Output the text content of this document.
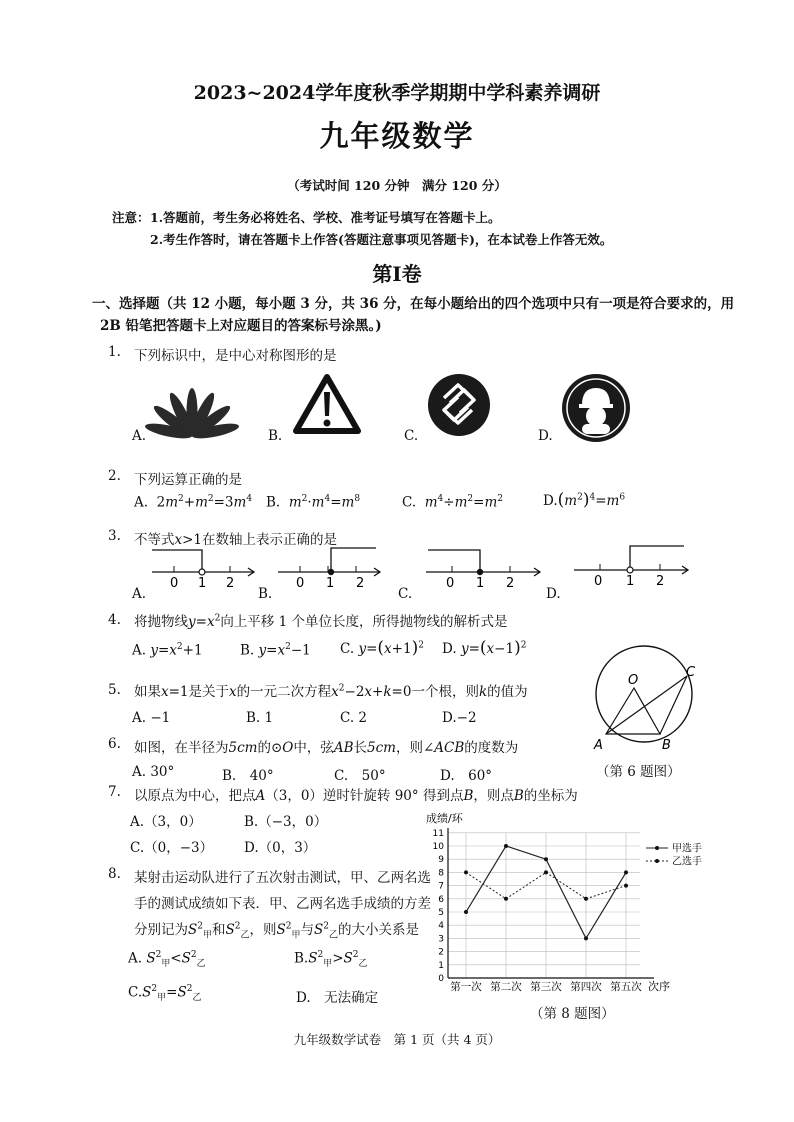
2023~2024学年度秋季学期期中学科素养调研
九年级数学
（考试时间 120 分钟　满分 120 分）
注意： 1.答题前，考生务必将姓名、学校、准考证号填写在答题卡上。
2.考生作答时，请在答题卡上作答(答题注意事项见答题卡)，在本试卷上作答无效。
第Ⅰ卷
一、选择题（共 12 小题，每小题 3 分，共 36 分，在每小题给出的四个选项中只有一项是符合要求的，用
2B 铅笔把答题卡上对应题目的答案标号涂黑。)
1. 下列标识中，是中心对称图形的是
A.	B.	C.	D.
2. 下列运算正确的是
A.  $2m^2+m^2=3m^4$ B. $m^2\cdot m^4=m^8$	C. $m^4\div m^2=m^2$	$D.(m^2)^4=m^6$
3. 不等式x>1在数轴上表示正确的是
A.
0 1 2
B.
0 1 2
C.
0 1 2
D.
0 1 2
4. 将抛物线$y=x^2$向上平移 1 个单位长度，所得抛物线的解析式是
A. $y=x^2+1$	B. $y=x^2-1$ C. $y=(x+1)^2$ D. $y=(x-1)^2$
O
A	B
C
（第 6 题图）
5. 如果x=1是关于x的一元二次方程$x^2-2x+k=0$一个根，则k的值为
A. −1	B. 1	C. 2	D.−2
6. 如图，在半径为5cm的⊙O中，弦AB长5cm，则∠ACB的度数为
A. 30°	B.　40°	C.　50°	D.　60°
7. 以原点为中心，把点A（3，0）逆时针旋转 90° 得到点B，则点B的坐标为
A.（3，0）	B.（−3，0）
C.（0，−3） D.（0，3）
8. 某射击运动队进行了五次射击测试，甲、乙两名选
手的测试成绩如下表．甲、乙两名选手成绩的方差
分别记为$S^2_甲$和$S^2_乙$，则$S^2_甲$与$S^2_乙$的大小关系是
A. $S^2_甲<S^2_乙$	$B.S^2_甲>S^2_乙$
$C.S^2_甲=S^2_乙$	D.　无法确定
成绩/环
0
1
2
3
4
5
6
7
8
9
10
11
第一次 第二次 第三次 第四次 第五次
甲选手
乙选手
次序
（第 8 题图）
九年级数学试卷　第 1 页（共 4 页）
